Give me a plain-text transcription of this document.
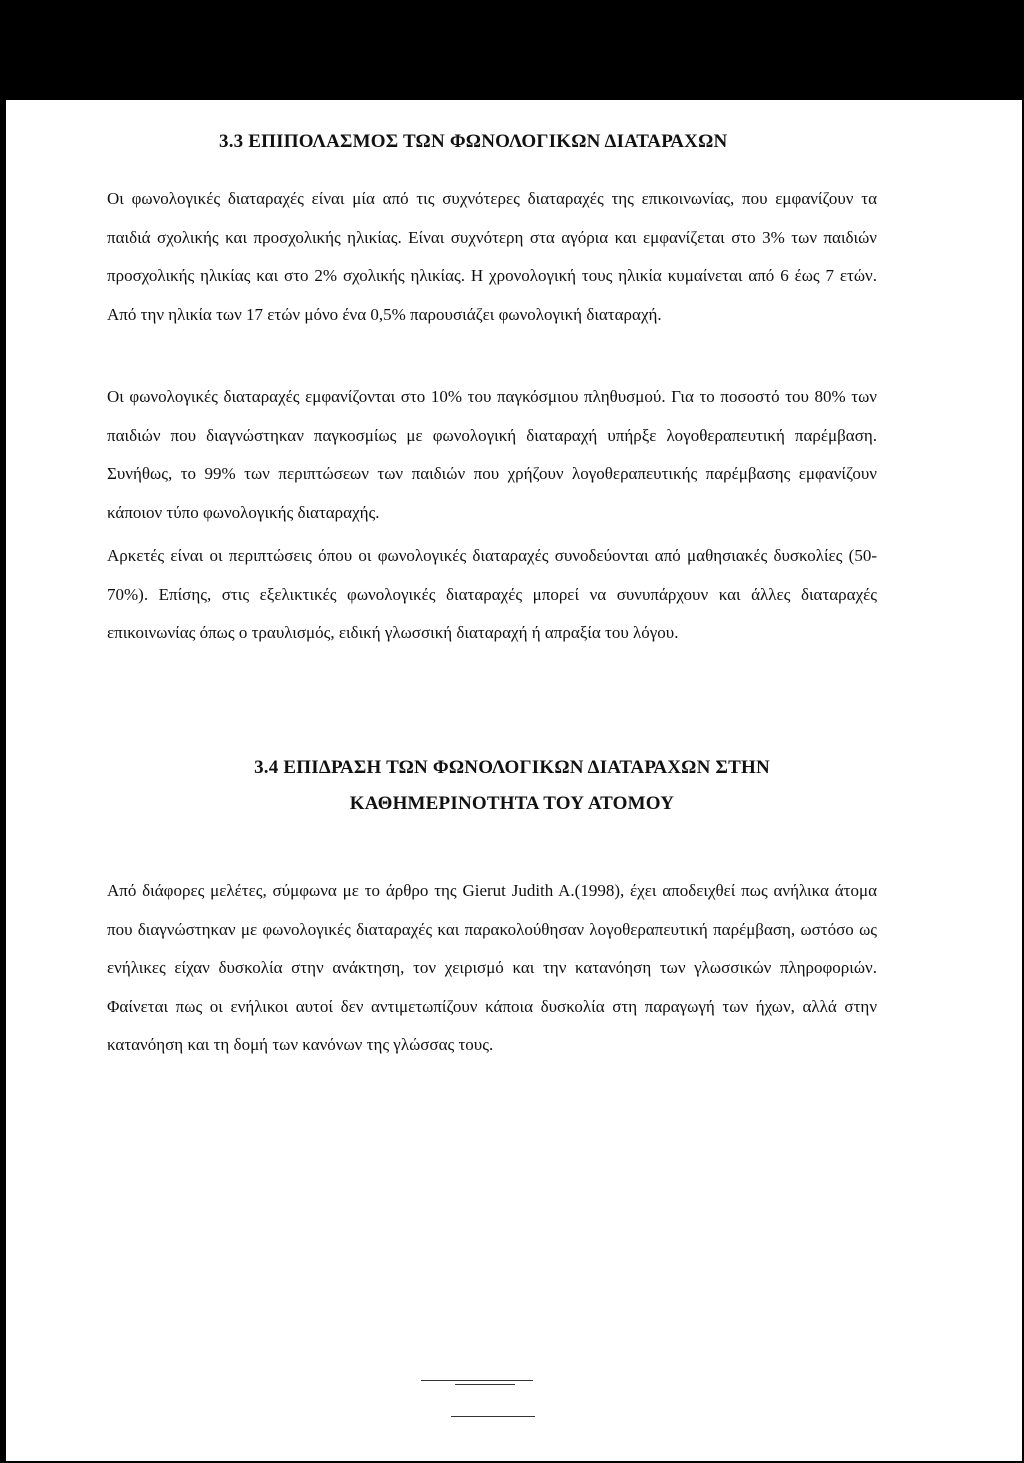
3.3 ΕΠΙΠΟΛΑΣΜΟΣ ΤΩΝ ΦΩΝΟΛΟΓΙΚΩΝ ΔΙΑΤΑΡΑΧΩΝ

Οι φωνολογικές διαταραχές είναι μία από τις συχνότερες διαταραχές της επικοινωνίας, που εμφανίζουν τα παιδιά σχολικής και προσχολικής ηλικίας. Είναι συχνότερη στα αγόρια και εμφανίζεται στο 3% των παιδιών προσχολικής ηλικίας και στο 2% σχολικής ηλικίας. Η χρονολογική τους ηλικία κυμαίνεται από 6 έως 7 ετών. Από την ηλικία των 17 ετών μόνο ένα 0,5% παρουσιάζει φωνολογική διαταραχή.

Οι φωνολογικές διαταραχές εμφανίζονται στο 10% του παγκόσμιου πληθυσμού. Για το ποσοστό του 80% των παιδιών που διαγνώστηκαν παγκοσμίως με φωνολογική διαταραχή υπήρξε λογοθεραπευτική παρέμβαση. Συνήθως, το 99% των περιπτώσεων των παιδιών που χρήζουν λογοθεραπευτικής παρέμβασης εμφανίζουν κάποιον τύπο φωνολογικής διαταραχής.

Αρκετές είναι οι περιπτώσεις όπου οι φωνολογικές διαταραχές συνοδεύονται από μαθησιακές δυσκολίες (50-70%). Επίσης, στις εξελικτικές φωνολογικές διαταραχές μπορεί να συνυπάρχουν και άλλες διαταραχές επικοινωνίας όπως ο τραυλισμός, ειδική γλωσσική διαταραχή ή απραξία του λόγου.

3.4 ΕΠΙΔΡΑΣΗ ΤΩΝ ΦΩΝΟΛΟΓΙΚΩΝ ΔΙΑΤΑΡΑΧΩΝ ΣΤΗΝ
ΚΑΘΗΜΕΡΙΝΟΤΗΤΑ ΤΟΥ ΑΤΟΜΟΥ

Από διάφορες μελέτες, σύμφωνα με το άρθρο της Gierut Judith A.(1998), έχει αποδειχθεί πως ανήλικα άτομα που διαγνώστηκαν με φωνολογικές διαταραχές και παρακολούθησαν λογοθεραπευτική παρέμβαση, ωστόσο ως ενήλικες είχαν δυσκολία στην ανάκτηση, τον χειρισμό και την κατανόηση των γλωσσικών πληροφοριών. Φαίνεται πως οι ενήλικοι αυτοί δεν αντιμετωπίζουν κάποια δυσκολία στη παραγωγή των ήχων, αλλά στην κατανόηση και τη δομή των κανόνων της γλώσσας τους.
